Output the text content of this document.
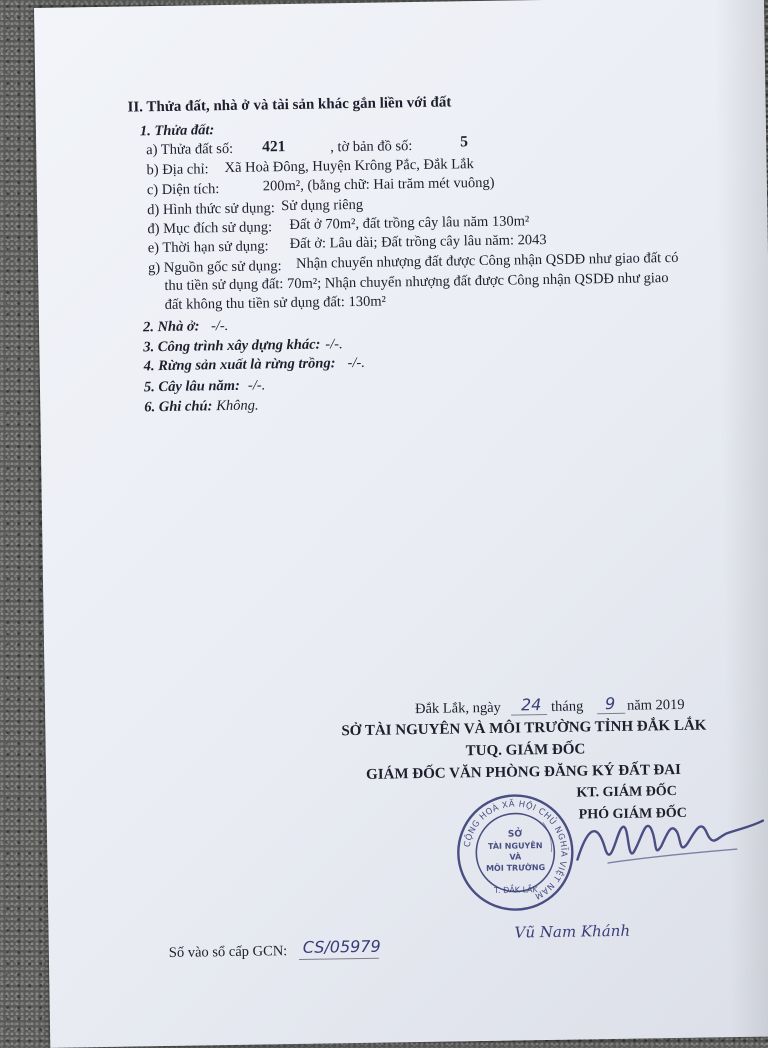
II. Thửa đất, nhà ở và tài sản khác gắn liền với đất
1. Thửa đất:
a) Thửa đất số: 421	, tờ bản đồ số:	5
b) Địa chỉ: Xã Hoà Đông, Huyện Krông Pắc, Đắk Lắk
c) Diện tích:	200m², (bằng chữ: Hai trăm mét vuông)
d) Hình thức sử dụng: Sử dụng riêng
đ) Mục đích sử dụng: Đất ở 70m², đất trồng cây lâu năm 130m²
e) Thời hạn sử dụng: Đất ở: Lâu dài; Đất trồng cây lâu năm: 2043
g) Nguồn gốc sử dụng: Nhận chuyển nhượng đất được Công nhận QSDĐ như giao đất có
thu tiền sử dụng đất: 70m²; Nhận chuyển nhượng đất được Công nhận QSDĐ như giao
đất không thu tiền sử dụng đất: 130m²
2. Nhà ở: -/-.
3. Công trình xây dựng khác: -/-.
4. Rừng sản xuất là rừng trồng: -/-.
5. Cây lâu năm: -/-.
6. Ghi chú: Không.
Đắk Lắk, ngày 24 tháng 9 năm 2019
SỞ TÀI NGUYÊN VÀ MÔI TRƯỜNG TỈNH ĐẮK LẮK
TUQ. GIÁM ĐỐC
GIÁM ĐỐC VĂN PHÒNG ĐĂNG KÝ ĐẤT ĐAI
KT. GIÁM ĐỐC
PHÓ GIÁM ĐỐC
CỘNG HOÀ XÃ HỘI CHỦ NGHĨA VIỆT NAM
T. ĐẮK LẮK
SỞ
TÀI NGUYÊN
VÀ
MÔI TRƯỜNG
Vũ Nam Khánh
Số vào sổ cấp GCN: CS/05979
